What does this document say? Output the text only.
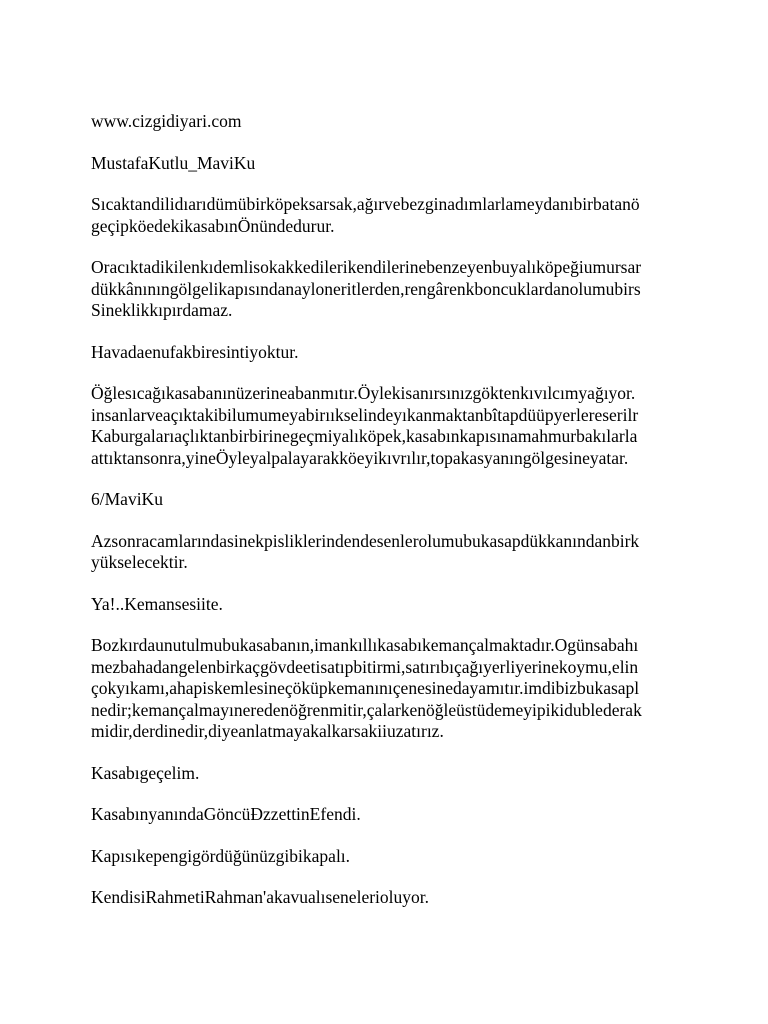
www.cizgidiyari.com

MustafaKutlu_MaviKu

Sıcaktandilidıarıdümübirköpeksarsak,ağırvebezginadımlarlameydanıbirbatanö
geçipköedekikasabınÖnündedurur.

Oracıktadikilenkıdemlisokakkedilerikendilerinebenzeyenbuyalıköpeğiumursar
dükkânınıngölgelikapısındanayloneritlerden,rengârenkboncuklardanolumubirs
Sineklikkıpırdamaz.

Havadaenufakbiresintiyoktur.

Öğlesıcağıkasabanınüzerineabanmıtır.Öylekisanırsınızgöktenkıvılcımyağıyor.
insanlarveaçıktakibilumumeyabirııkselindeyıkanmaktanbîtapdüüpyerlereserilr
Kaburgalarıaçlıktanbirbirinegeçmiyalıköpek,kasabınkapısınamahmurbakılarla
attıktansonra,yineÖyleyalpalayarakköeyikıvrılır,topakasyanıngölgesineyatar.

6/MaviKu

Azsonracamlarındasinekpisliklerindendesenlerolumubukasapdükkanındanbirk
yükselecektir.

Ya!..Kemansesiite.

Bozkırdaunutulmubukasabanın,imankıllıkasabıkemançalmaktadır.Ogünsabahı
mezbahadangelenbirkaçgövdeetisatıpbitirmi,satırıbıçağıyerliyerinekoymu,elin
çokyıkamı,ahapiskemlesineçöküpkemanınıçenesinedayamıtır.imdibizbukasapl
nedir;kemançalmayıneredenöğrenmitir,çalarkenöğleüstüdemeyipikidublederak
midir,derdinedir,diyeanlatmayakalkarsakiiuzatırız.

Kasabıgeçelim.

KasabınyanındaGöncüĐzzettinEfendi.

Kapısıkepengigördüğünüzgibikapalı.

KendisiRahmetiRahman'akavualısenelerioluyor.
